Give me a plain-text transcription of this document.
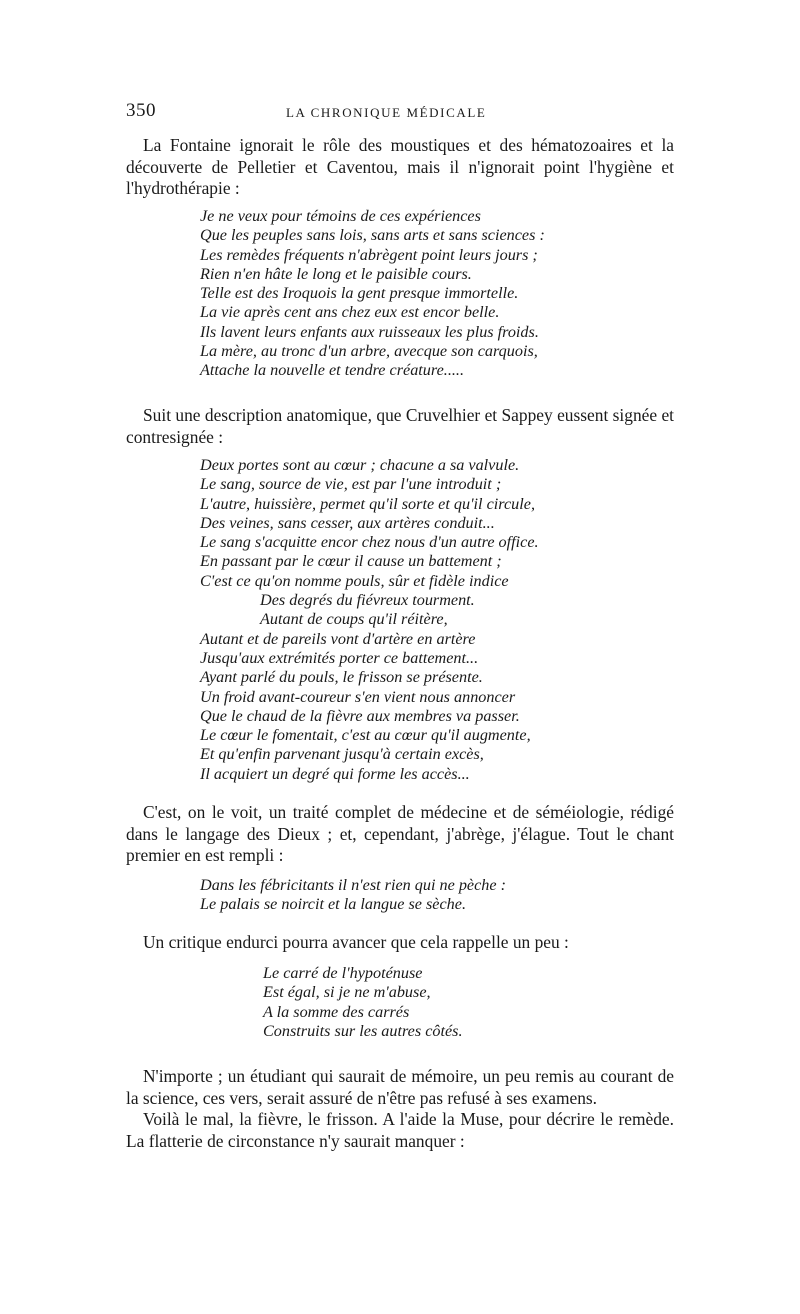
350	LA CHRONIQUE MÉDICALE

La Fontaine ignorait le rôle des moustiques et des hématozoaires et la découverte de Pelletier et Caventou, mais il n'ignorait point l'hygiène et l'hydrothérapie :

Je ne veux pour témoins de ces expériences
Que les peuples sans lois, sans arts et sans sciences :
Les remèdes fréquents n'abrègent point leurs jours ;
Rien n'en hâte le long et le paisible cours.
Telle est des Iroquois la gent presque immortelle.
La vie après cent ans chez eux est encor belle.
Ils lavent leurs enfants aux ruisseaux les plus froids.
La mère, au tronc d'un arbre, avecque son carquois,
Attache la nouvelle et tendre créature.....

Suit une description anatomique, que Cruvelhier et Sappey eussent signée et contresignée :

Deux portes sont au cœur ; chacune a sa valvule.
Le sang, source de vie, est par l'une introduit ;
L'autre, huissière, permet qu'il sorte et qu'il circule,
Des veines, sans cesser, aux artères conduit...
Le sang s'acquitte encor chez nous d'un autre office.
En passant par le cœur il cause un battement ;
C'est ce qu'on nomme pouls, sûr et fidèle indice
Des degrés du fiévreux tourment.
Autant de coups qu'il réitère,
Autant et de pareils vont d'artère en artère
Jusqu'aux extrémités porter ce battement...
Ayant parlé du pouls, le frisson se présente.
Un froid avant-coureur s'en vient nous annoncer
Que le chaud de la fièvre aux membres va passer.
Le cœur le fomentait, c'est au cœur qu'il augmente,
Et qu'enfin parvenant jusqu'à certain excès,
Il acquiert un degré qui forme les accès...

C'est, on le voit, un traité complet de médecine et de séméiologie, rédigé dans le langage des Dieux ; et, cependant, j'abrège, j'élague. Tout le chant premier en est rempli :

Dans les fébricitants il n'est rien qui ne pèche :
Le palais se noircit et la langue se sèche.

Un critique endurci pourra avancer que cela rappelle un peu :

Le carré de l'hypoténuse
Est égal, si je ne m'abuse,
A la somme des carrés
Construits sur les autres côtés.

N'importe ; un étudiant qui saurait de mémoire, un peu remis au courant de la science, ces vers, serait assuré de n'être pas refusé à ses examens.

Voilà le mal, la fièvre, le frisson. A l'aide la Muse, pour décrire le remède. La flatterie de circonstance n'y saurait manquer :
